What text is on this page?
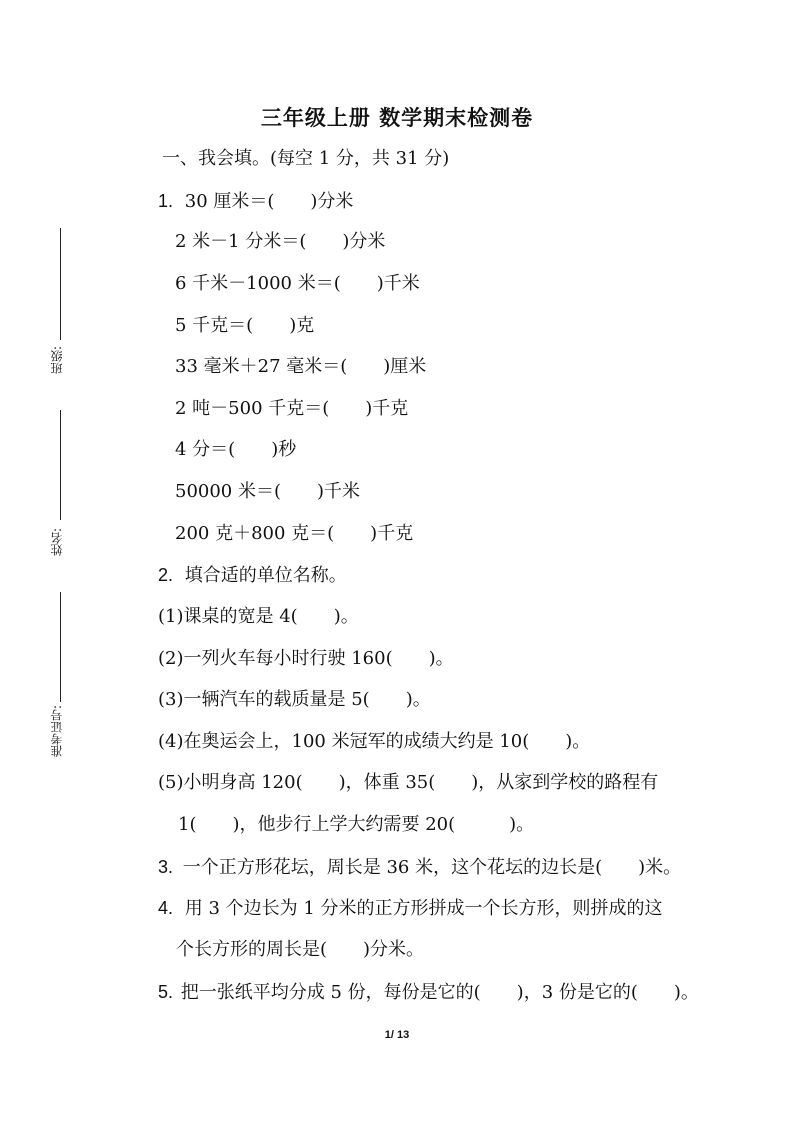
三年级上册 数学期末检测卷
班级:
姓名:
准考证号:
一、我会填。(每空 1 分，共 31 分)
1. 30 厘米＝(　　)分米
2 米－1 分米＝(　　)分米
6 千米－1000 米＝(　　)千米
5 千克＝(　　)克
33 毫米＋27 毫米＝(　　)厘米
2 吨－500 千克＝(　　)千克
4 分＝(　　)秒
50000 米＝(　　)千米
200 克＋800 克＝(　　)千克
2. 填合适的单位名称。
(1)课桌的宽是 4(　　)。
(2)一列火车每小时行驶 160(　　)。
(3)一辆汽车的载质量是 5(　　)。
(4)在奥运会上，100 米冠军的成绩大约是 10(　　)。
(5)小明身高 120(　　)，体重 35(　　)，从家到学校的路程有
1(　　)，他步行上学大约需要 20(　　　)。
3. 一个正方形花坛，周长是 36 米，这个花坛的边长是(　　)米。
4. 用 3 个边长为 1 分米的正方形拼成一个长方形，则拼成的这
个长方形的周长是(　　)分米。
5. 把一张纸平均分成 5 份，每份是它的(　　)，3 份是它的(　　)。
1/ 13
